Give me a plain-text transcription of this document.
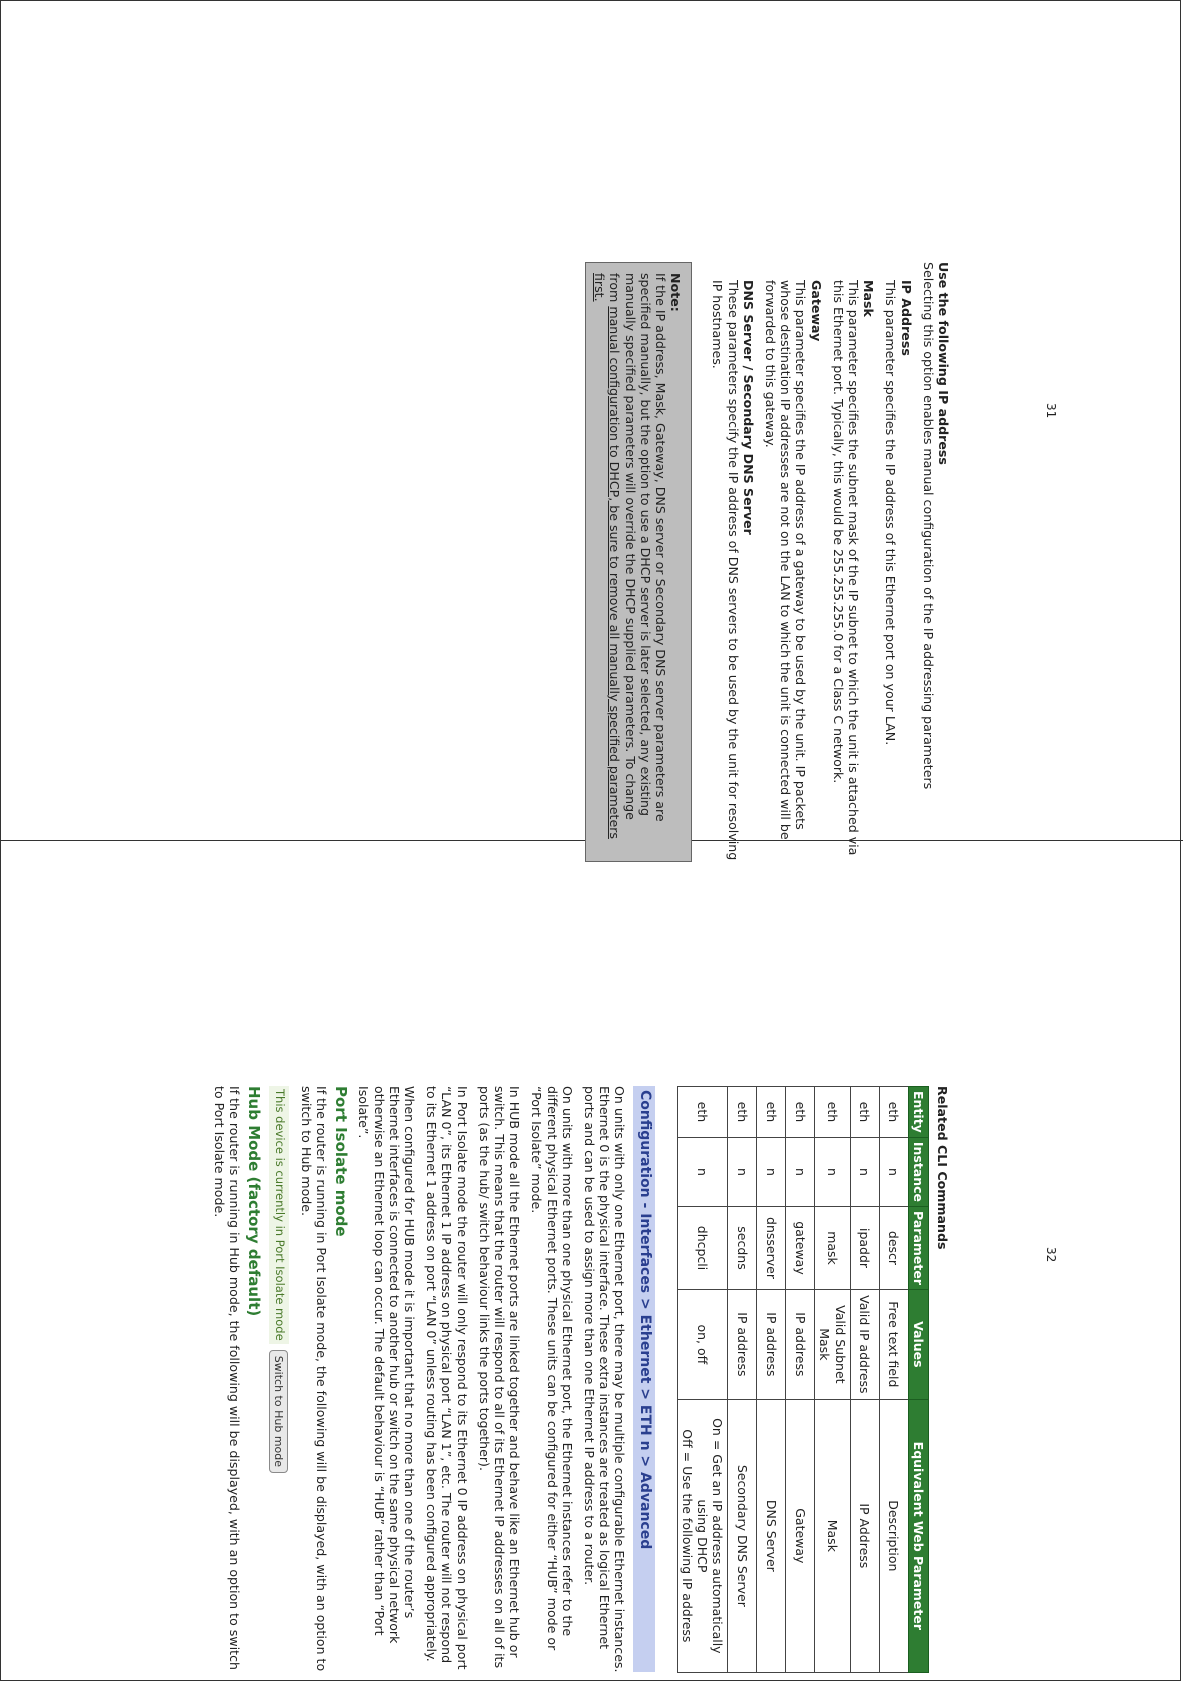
Use the following IP address
Selecting this option enables manual configuration of the IP addressing parameters
IP Address
This parameter specifies the IP address of this Ethernet port on your LAN.
Mask
This parameter specifies the subnet mask of the IP subnet to which the unit is attached via this Ethernet port. Typically, this would be 255.255.255.0 for a Class C network.
Gateway
This parameter specifies the IP address of a gateway to be used by the unit. IP packets whose destination IP addresses are not on the LAN to which the unit is connected will be forwarded to this gateway.
DNS Server / Secondary DNS Server
These parameters specify the IP address of DNS servers to be used by the unit for resolving IP hostnames.
Note:
If the IP address, Mask, Gateway, DNS server or Secondary DNS server parameters are specified manually, but the option to use a DHCP server is later selected, any existing manually specified parameters will override the DHCP supplied parameters. To change from manual configuration to DHCP, be sure to remove all manually specified parameters first.
31
Related CLI Commands
Entity	Instance	Parameter	Values	Equivalent Web Parameter
eth	n	descr	Free text field	Description
eth	n	ipaddr	Valid IP address	IP Address
eth	n	mask	Valid Subnet Mask	Mask
eth	n	gateway	IP address	Gateway
eth	n	dnsserver	IP address	DNS Server
eth	n	secdns	IP address	Secondary DNS Server
eth	n	dhcpcli	on, off	On = Get an IP address automatically using DHCP
Off = Use the following IP address
Configuration - Interfaces > Ethernet > ETH n > Advanced
On units with only one Ethernet port, there may be multiple configurable Ethernet instances. Ethernet 0 is the physical interface. These extra instances are treated as logical Ethernet ports and can be used to assign more than one Ethernet IP address to a router.
On units with more than one physical Ethernet port, the Ethernet instances refer to the different physical Ethernet ports. These units can be configured for either “HUB” mode or “Port Isolate” mode.
In HUB mode all the Ethernet ports are linked together and behave like an Ethernet hub or switch. This means that the router will respond to all of its Ethernet IP addresses on all of its ports (as the hub/ switch behaviour links the ports together).
In Port Isolate mode the router will only respond to its Ethernet 0 IP address on physical port “LAN 0”, its Ethernet 1 IP address on physical port “LAN 1”, etc. The router will not respond to its Ethernet 1 address on port “LAN 0” unless routing has been configured appropriately.
When configured for HUB mode it is important that no more than one of the router’s Ethernet interfaces is connected to another hub or switch on the same physical network otherwise an Ethernet loop can occur. The default behaviour is “HUB” rather than “Port Isolate”.
Port Isolate mode
If the router is running in Port Isolate mode, the following will be displayed, with an option to switch to Hub mode.
This device is currently in Port Isolate mode
Switch to Hub mode
Hub Mode (factory default)
If the router is running in Hub mode, the following will be displayed, with an option to switch to Port Isolate mode.
32
